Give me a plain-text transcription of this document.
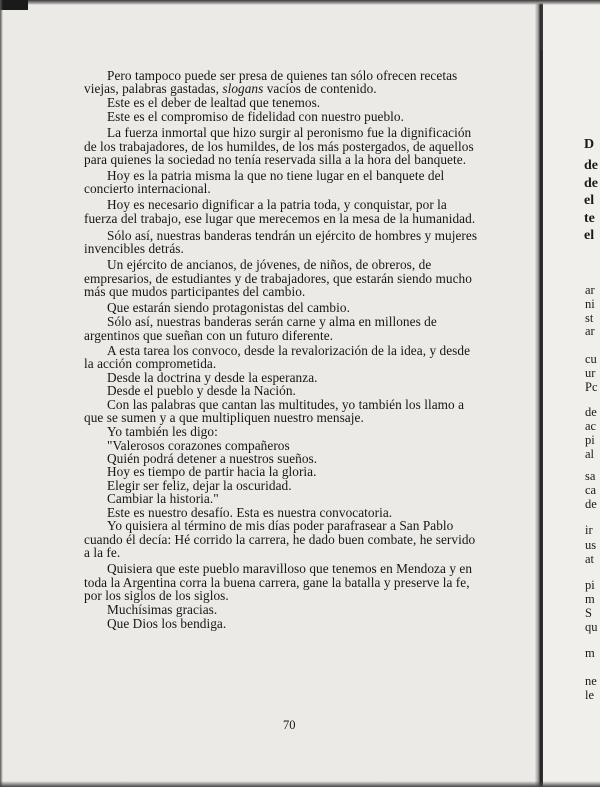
70

Pero tampoco puede ser presa de quienes tan sólo ofrecen recetas

viejas, palabras gastadas, slogans vacíos de contenido.

Este es el deber de lealtad que tenemos.

Este es el compromiso de fidelidad con nuestro pueblo.

La fuerza inmortal que hizo surgir al peronismo fue la dignificación

de los trabajadores, de los humildes, de los más postergados, de aquellos

para quienes la sociedad no tenía reservada silla a la hora del banquete.

Hoy es la patria misma la que no tiene lugar en el banquete del

concierto internacional.

Hoy es necesario dignificar a la patria toda, y conquistar, por la

fuerza del trabajo, ese lugar que merecemos en la mesa de la humanidad.

Sólo así, nuestras banderas tendrán un ejército de hombres y mujeres

invencibles detrás.

Un ejército de ancianos, de jóvenes, de niños, de obreros, de

empresarios, de estudiantes y de trabajadores, que estarán siendo mucho

más que mudos participantes del cambio.

Que estarán siendo protagonistas del cambio.

Sólo así, nuestras banderas serán carne y alma en millones de

argentinos que sueñan con un futuro diferente.

A esta tarea los convoco, desde la revalorización de la idea, y desde

la acción comprometida.

Desde la doctrina y desde la esperanza.

Desde el pueblo y desde la Nación.

Con las palabras que cantan las multitudes, yo también los llamo a

que se sumen y a que multipliquen nuestro mensaje.

Yo también les digo:

"Valerosos corazones compañeros

Quién podrá detener a nuestros sueños.

Hoy es tiempo de partir hacia la gloria.

Elegir ser feliz, dejar la oscuridad.

Cambiar la historia."

Este es nuestro desafío. Esta es nuestra convocatoria.

Yo quisiera al término de mis días poder parafrasear a San Pablo

cuando él decía: Hé corrido la carrera, he dado buen combate, he servido

a la fe.

Quisiera que este pueblo maravilloso que tenemos en Mendoza y en

toda la Argentina corra la buena carrera, gane la batalla y preserve la fe,

por los siglos de los siglos.

Muchísimas gracias.

Que Dios los bendiga.

D
de
de
el
te
el
ar
ni
st
ar
cu
ur
Pc
de
ac
pi
al
sa
ca
de
ir
us
at
pi
m
S
qu
m
ne
le
